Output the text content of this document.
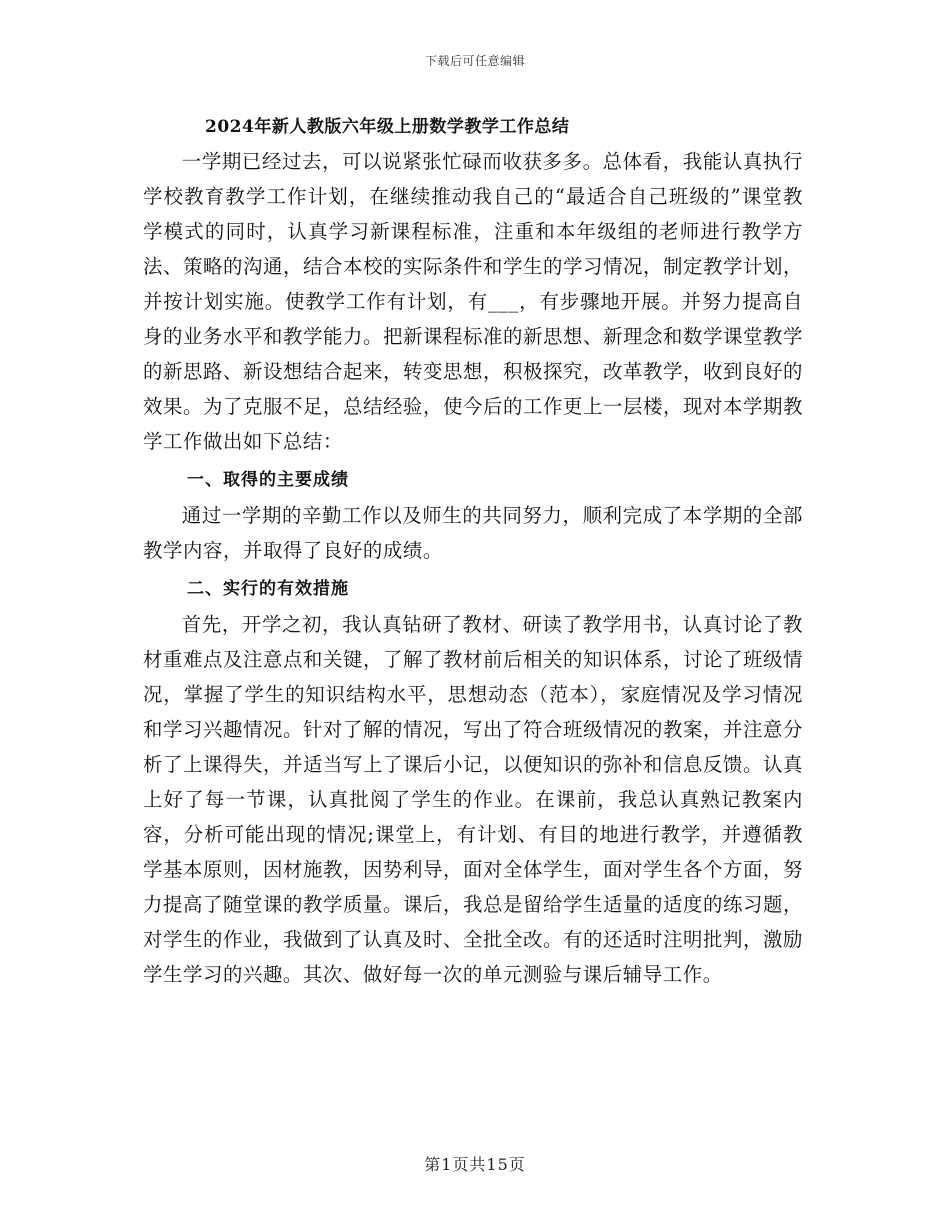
下载后可任意编辑
2024年新人教版六年级上册数学教学工作总结

一学期已经过去，可以说紧张忙碌而收获多多。总体看，我能认真执行学校教育教学工作计划，在继续推动我自己的“最适合自己班级的”课堂教学模式的同时，认真学习新课程标准，注重和本年级组的老师进行教学方法、策略的沟通，结合本校的实际条件和学生的学习情况，制定教学计划，并按计划实施。使教学工作有计划，有___，有步骤地开展。并努力提高自身的业务水平和教学能力。把新课程标准的新思想、新理念和数学课堂教学的新思路、新设想结合起来，转变思想，积极探究，改革教学，收到良好的效果。为了克服不足，总结经验，使今后的工作更上一层楼，现对本学期教学工作做出如下总结：

一、取得的主要成绩

通过一学期的辛勤工作以及师生的共同努力，顺利完成了本学期的全部教学内容，并取得了良好的成绩。

二、实行的有效措施

首先，开学之初，我认真钻研了教材、研读了教学用书，认真讨论了教材重难点及注意点和关键，了解了教材前后相关的知识体系，讨论了班级情况，掌握了学生的知识结构水平，思想动态（范本），家庭情况及学习情况和学习兴趣情况。针对了解的情况，写出了符合班级情况的教案，并注意分析了上课得失，并适当写上了课后小记，以便知识的弥补和信息反馈。认真上好了每一节课，认真批阅了学生的作业。在课前，我总认真熟记教案内容，分析可能出现的情况;课堂上，有计划、有目的地进行教学，并遵循教学基本原则，因材施教，因势利导，面对全体学生，面对学生各个方面，努力提高了随堂课的教学质量。课后，我总是留给学生适量的适度的练习题，对学生的作业，我做到了认真及时、全批全改。有的还适时注明批判，激励学生学习的兴趣。其次、做好每一次的单元测验与课后辅导工作。

第1页共15页
